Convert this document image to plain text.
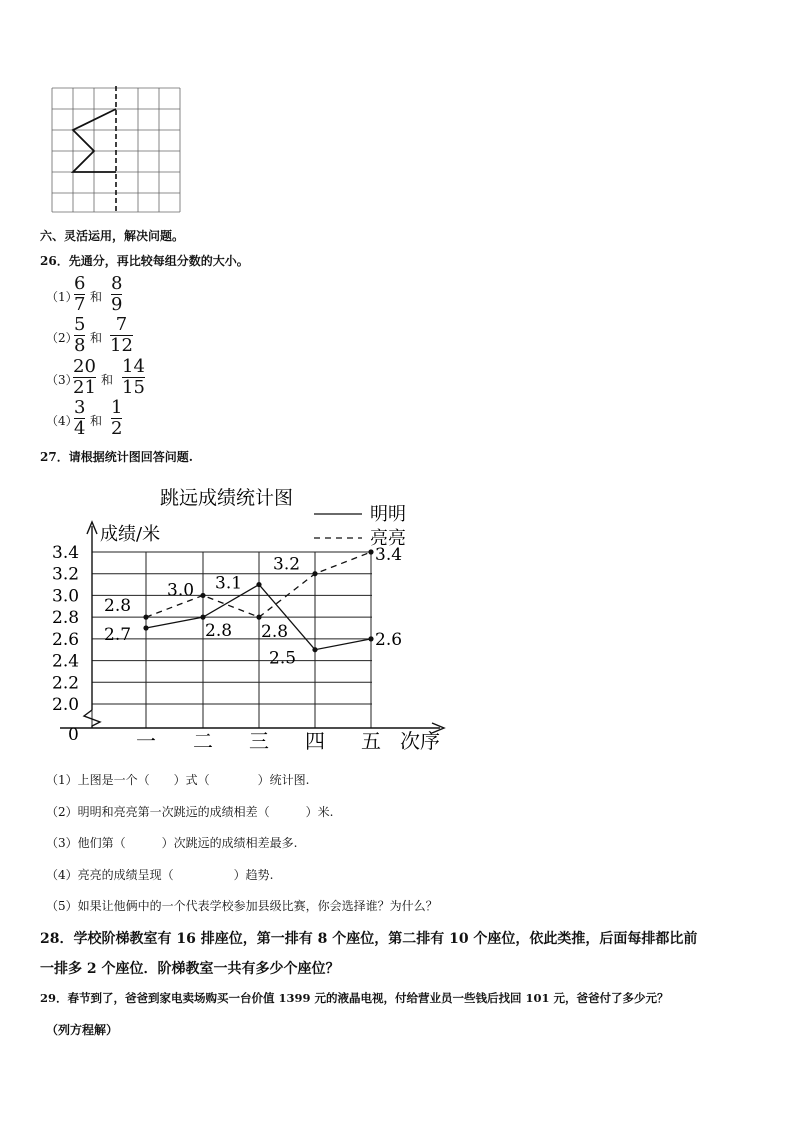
六、灵活运用，解决问题。
26．先通分，再比较每组分数的大小。
（1）
6
7 和
8
9
（2）
5
8 和
7
12
（3）
20
21 和
14
15
（4）
3
4 和
1
2
27．请根据统计图回答问题.
跳远成绩统计图
成绩/米
明明
亮亮
3.4
3.2
3.0
2.8
2.6
2.4
2.2
2.0
0	一 二 三 四 五 次序
2.7	2.8
3.1
2.5
2.6
2.8
3.0
2.8
3.2	3.4
（1）上图是一个（　　）式（　　　　）统计图.
（2）明明和亮亮第一次跳远的成绩相差（　　　）米.
（3）他们第（　　　）次跳远的成绩相差最多.
（4）亮亮的成绩呈现（　　　　　）趋势.
（5）如果让他俩中的一个代表学校参加县级比赛，你会选择谁？为什么？
28．学校阶梯教室有 16 排座位，第一排有 8 个座位，第二排有 10 个座位，依此类推，后面每排都比前
一排多 2 个座位．阶梯教室一共有多少个座位？
29．春节到了，爸爸到家电卖场购买一台价值 1399 元的液晶电视，付给营业员一些钱后找回 101 元，爸爸付了多少元？
（列方程解）
